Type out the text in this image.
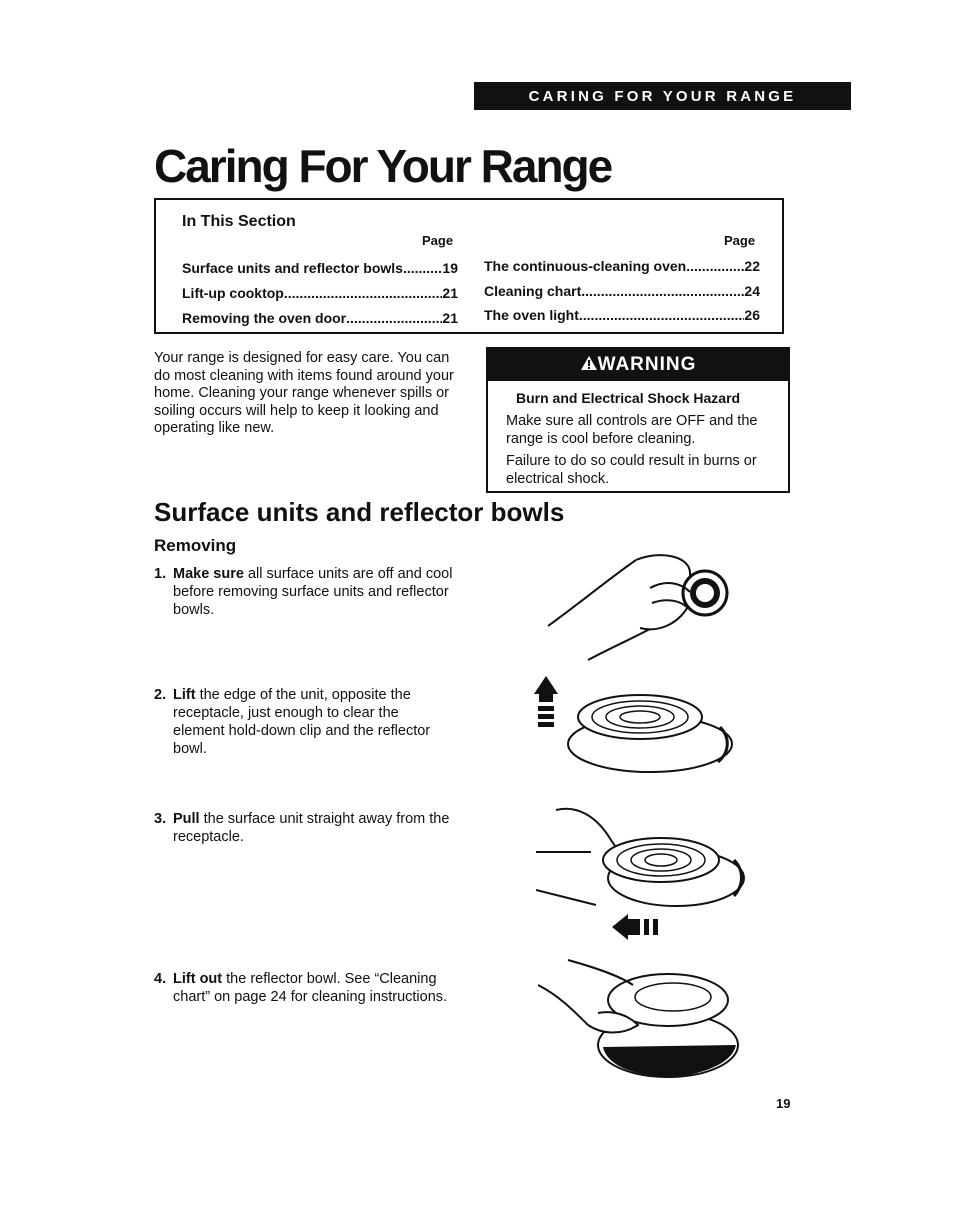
CARING FOR YOUR RANGE
Caring For Your Range
In This Section
Page	Page
Surface units and reflector bowls .....	19
Lift-up cooktop .....	21
Removing the oven door .....	21
The continuous-cleaning oven .....	22
Cleaning chart .....	24
The oven light .....	26

Your range is designed for easy care. You can do most cleaning with items found around your home. Cleaning your range whenever spills or soiling occurs will help to keep it looking and operating like new.

WARNING
Burn and Electrical Shock Hazard

Make sure all controls are OFF and the range is cool before cleaning.

Failure to do so could result in burns or electrical shock.

Surface units and reflector bowls
Removing

1. Make sure all surface units are off and cool before removing surface units and reflector bowls.

2. Lift the edge of the unit, opposite the receptacle, just enough to clear the element hold-down clip and the reflector bowl.

3. Pull the surface unit straight away from the receptacle.

4. Lift out the reflector bowl. See “Cleaning chart” on page 24 for cleaning instructions.

19
